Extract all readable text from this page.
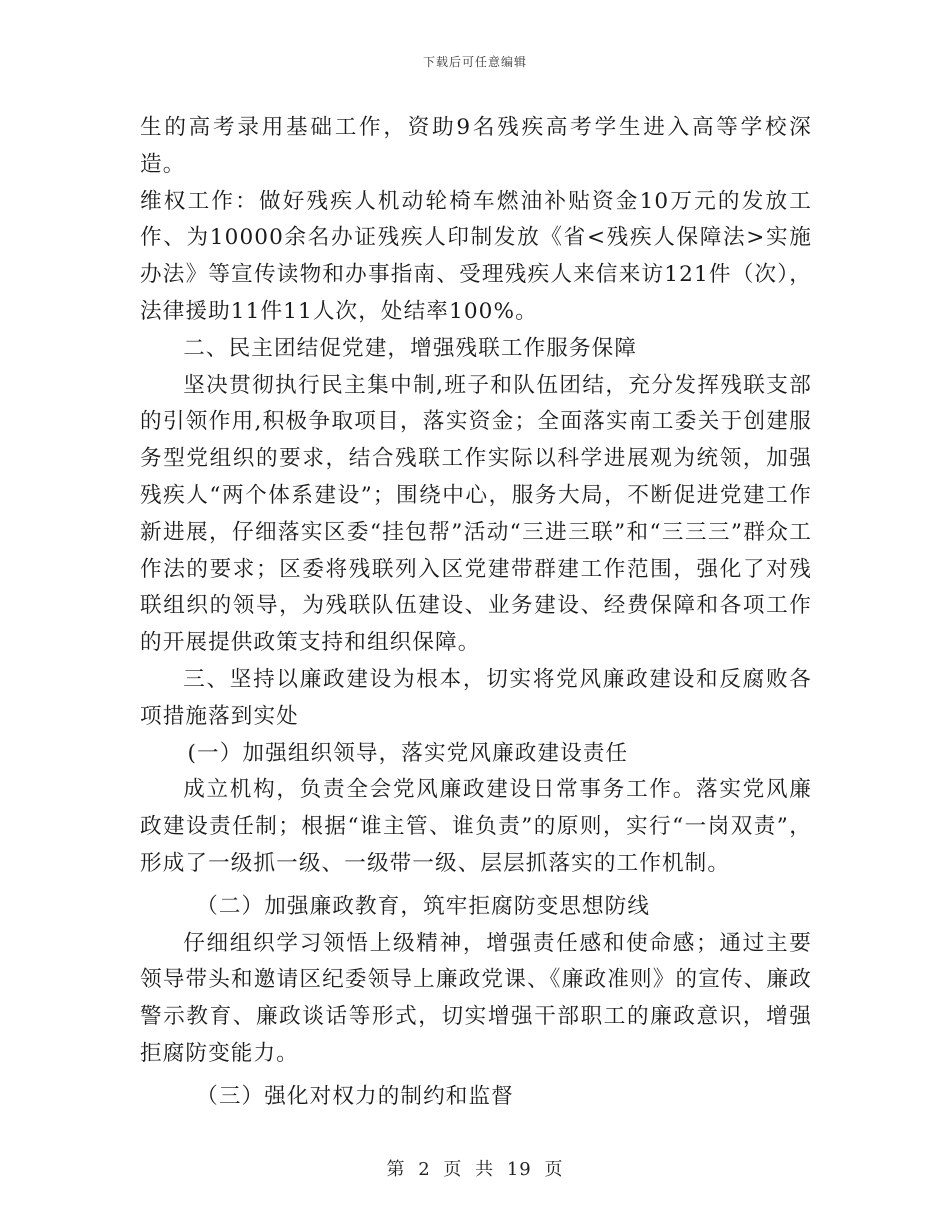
下载后可任意编辑

生的高考录用基础工作，资助9名残疾高考学生进入高等学校深造。

维权工作：做好残疾人机动轮椅车燃油补贴资金10万元的发放工作、为10000余名办证残疾人印制发放《省<残疾人保障法>实施办法》等宣传读物和办事指南、受理残疾人来信来访121件（次），法律援助11件11人次，处结率100%。

二、民主团结促党建，增强残联工作服务保障

坚决贯彻执行民主集中制,班子和队伍团结，充分发挥残联支部的引领作用,积极争取项目，落实资金；全面落实南工委关于创建服务型党组织的要求，结合残联工作实际以科学进展观为统领，加强残疾人“两个体系建设”；围绕中心，服务大局，不断促进党建工作新进展，仔细落实区委“挂包帮”活动“三进三联”和“三三三”群众工作法的要求；区委将残联列入区党建带群建工作范围，强化了对残联组织的领导，为残联队伍建设、业务建设、经费保障和各项工作的开展提供政策支持和组织保障。

三、坚持以廉政建设为根本，切实将党风廉政建设和反腐败各项措施落到实处

(一）加强组织领导，落实党风廉政建设责任

成立机构，负责全会党风廉政建设日常事务工作。落实党风廉政建设责任制；根据“谁主管、谁负责”的原则，实行“一岗双责”，形成了一级抓一级、一级带一级、层层抓落实的工作机制。

（二）加强廉政教育，筑牢拒腐防变思想防线

仔细组织学习领悟上级精神，增强责任感和使命感；通过主要领导带头和邀请区纪委领导上廉政党课、《廉政准则》的宣传、廉政警示教育、廉政谈话等形式，切实增强干部职工的廉政意识，增强拒腐防变能力。

（三）强化对权力的制约和监督

第 2 页 共 19 页
